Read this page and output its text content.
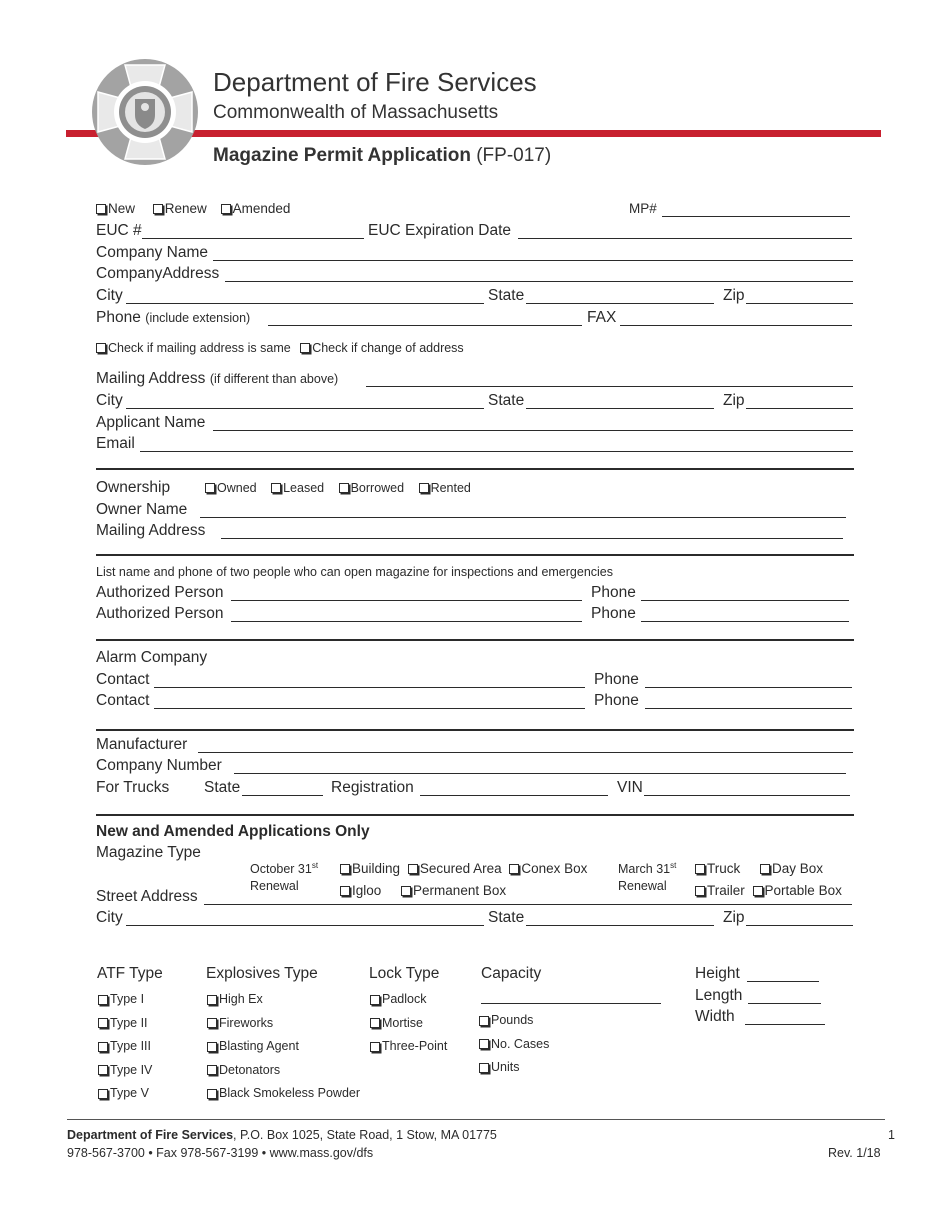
Department of Fire Services
Commonwealth of Massachusetts
Magazine Permit Application (FP-017)
New
Renew
Amended	MP#
EUC #	EUC Expiration Date
Company Name
CompanyAddress
City	State	Zip
Phone (include extension)	FAX
Check if mailing address is same
Check if change of address
Mailing Address (if different than above)
City	State	Zip
Applicant Name
Email
Ownership	Owned
Leased
Borrowed
Rented
Owner Name
Mailing Address
List name and phone of two people who can open magazine for inspections and emergencies
Authorized Person	Phone
Authorized Person	Phone
Alarm Company
Contact	Phone
Contact	Phone
Manufacturer
Company Number
For Trucks State	Registration	VIN
New and Amended Applications Only
Magazine Type
October 31st
Renewal
Building
Secured Area
Conex Box
Igloo
Permanent Box
March 31st
Renewal
Truck
Day Box
Trailer
Portable Box
Street Address
City	State	Zip
ATF Type
Type I
Type II
Type III
Type IV
Type V
Explosives Type
High Ex
Fireworks
Blasting Agent
Detonators
Black Smokeless Powder
Lock Type
Padlock
Mortise
Three-Point
Capacity
Pounds
No. Cases
Units
Height
Length
Width
Department of Fire Services, P.O. Box 1025, State Road, 1 Stow, MA 01775
978-567-3700 • Fax 978-567-3199 • www.mass.gov/dfs
1
Rev. 1/18
